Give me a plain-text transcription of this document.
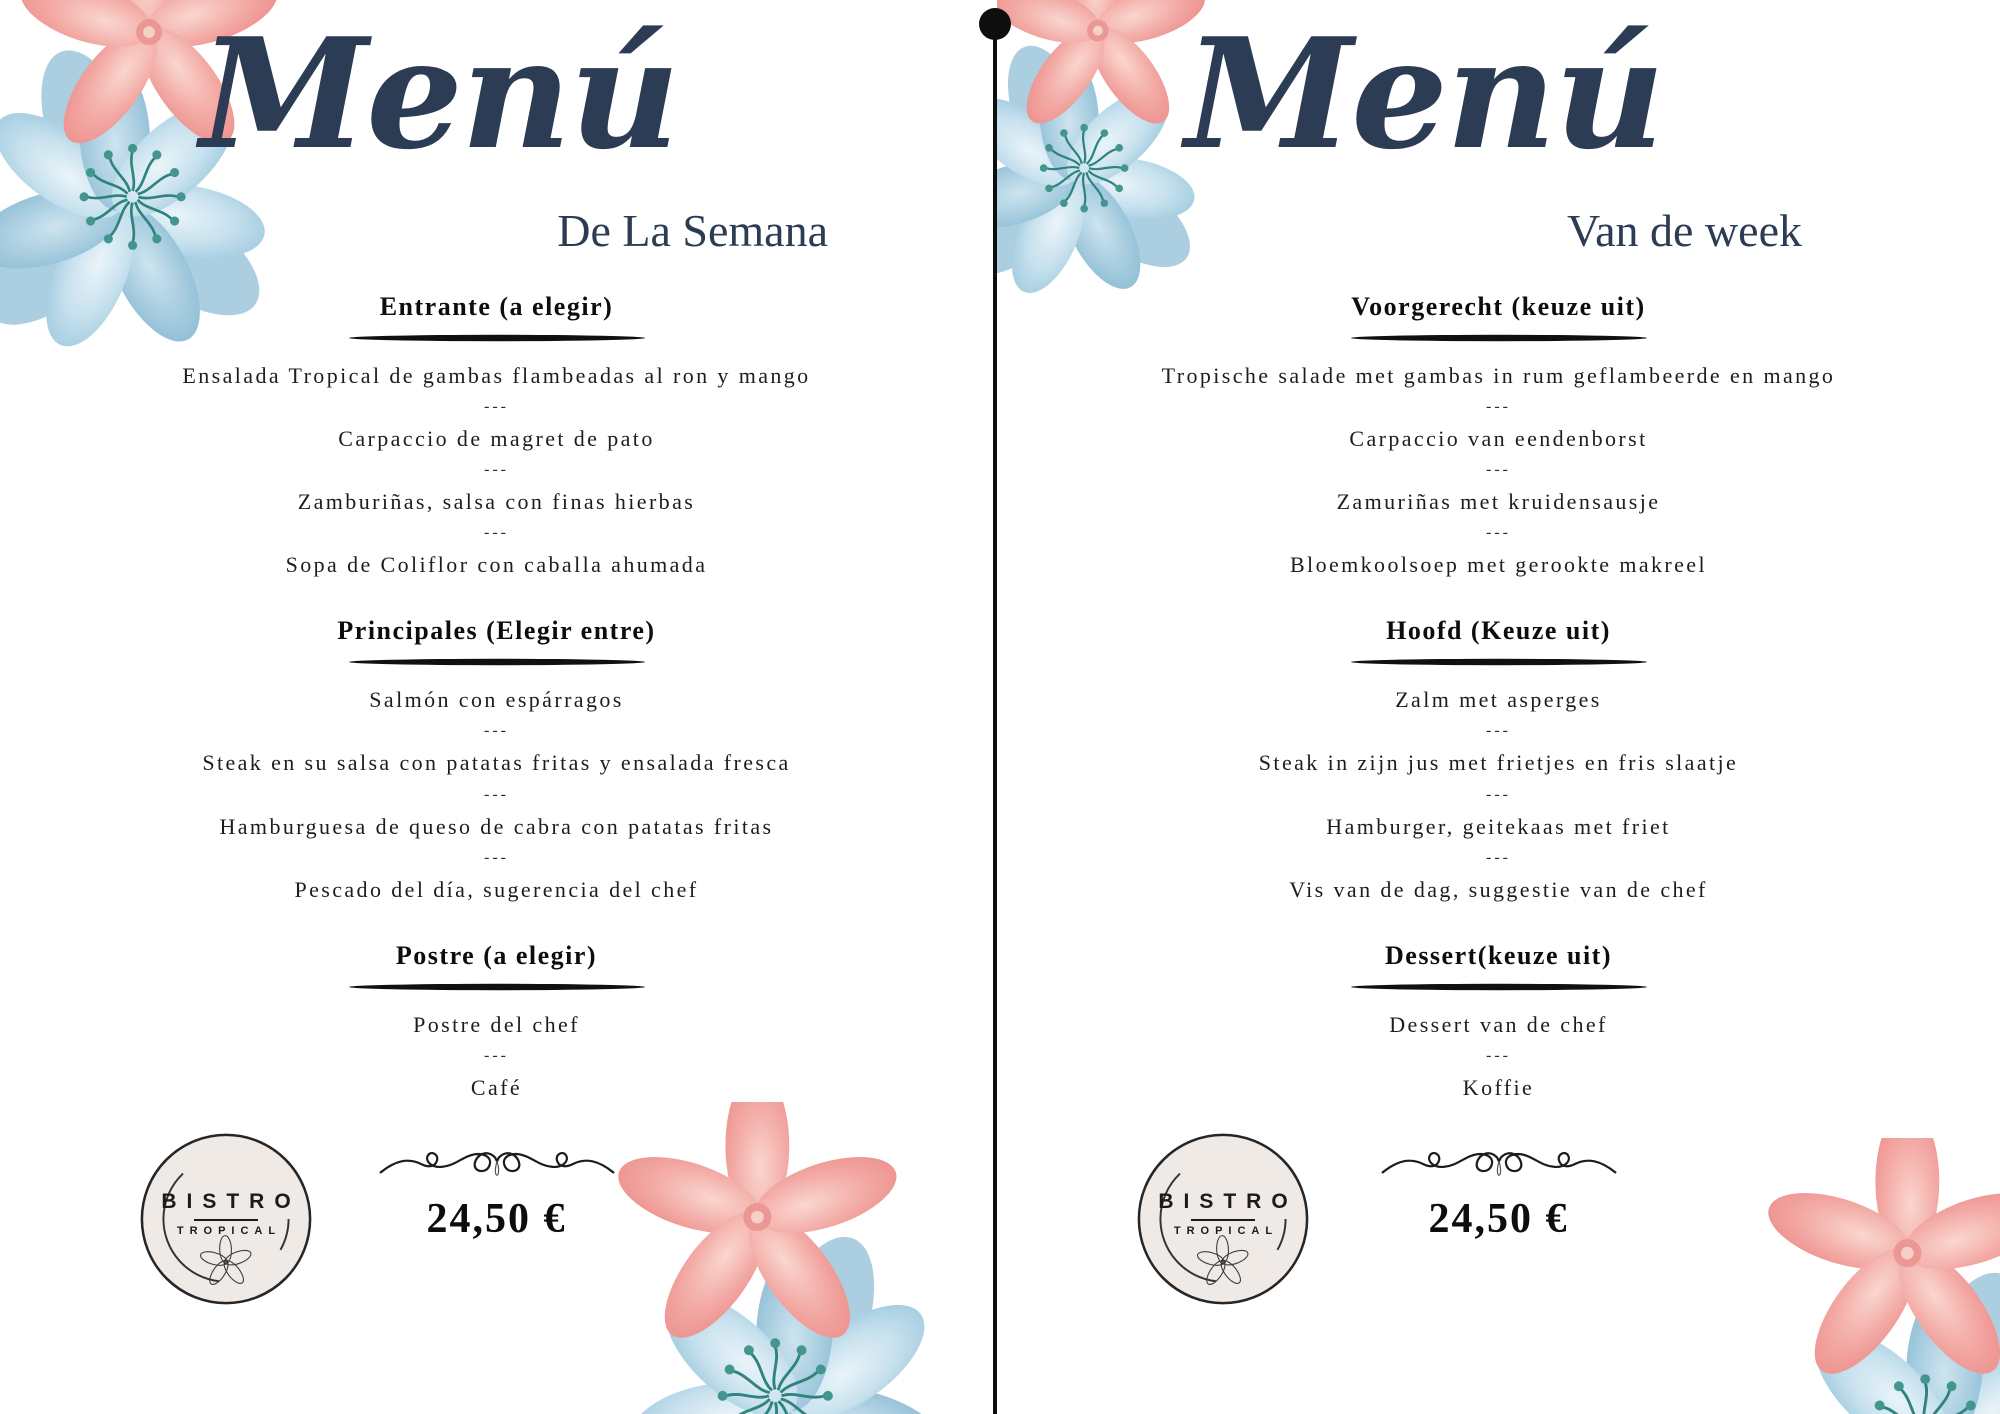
Menú
De La Semana
Entrante (a elegir)
Ensalada Tropical de gambas flambeadas al ron y mango
---
Carpaccio de magret de pato
---
Zamburiñas, salsa con finas hierbas
---
Sopa de Coliflor con caballa ahumada
Principales (Elegir entre)
Salmón con espárragos
---
Steak en su salsa con patatas fritas y ensalada fresca
---
Hamburguesa de queso de cabra con patatas fritas
---
Pescado del día, sugerencia del chef
Postre (a elegir)
Postre del chef
---
Café
24,50 €
BISTRO
TROPICAL
Menú
Van de week
Voorgerecht (keuze uit)
Tropische salade met gambas in rum geflambeerde en mango
---
Carpaccio van eendenborst
---
Zamuriñas met kruidensausje
---
Bloemkoolsoep met gerookte makreel
Hoofd (Keuze uit)
Zalm met asperges
---
Steak in zijn jus met frietjes en fris slaatje
---
Hamburger, geitekaas met friet
---
Vis van de dag, suggestie van de chef
Dessert(keuze uit)
Dessert van de chef
---
Koffie
24,50 €
BISTRO
TROPICAL
